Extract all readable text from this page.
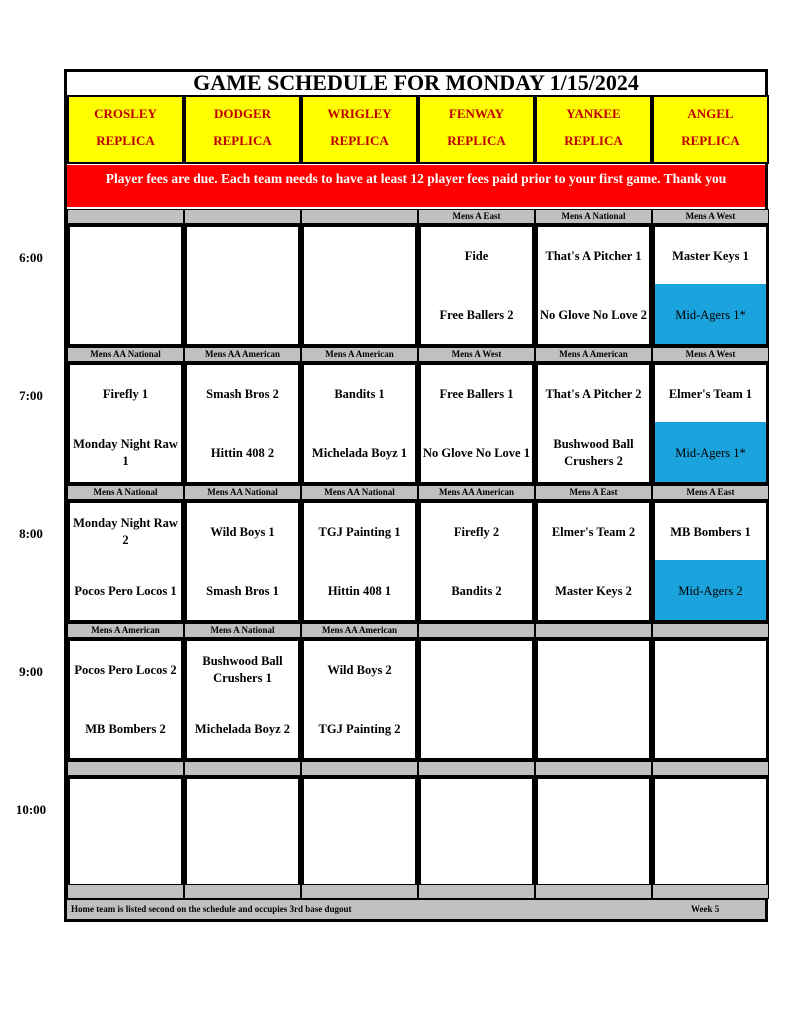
GAME SCHEDULE FOR MONDAY 1/15/2024
CROSLEY
REPLICA
DODGER
REPLICA
WRIGLEY
REPLICA
FENWAY
REPLICA
YANKEE
REPLICA
ANGEL
REPLICA
Player fees are due. Each team needs to have at least 12 player fees paid prior to your first game. Thank you
6:00
Mens A East
Fide
Free Ballers 2
Mens A National
That's A Pitcher 1
No Glove No Love 2
Mens A West
Master Keys 1
Mid-Agers 1*
7:00
Mens AA National
Firefly 1
Monday Night Raw 1
Mens AA American
Smash Bros 2
Hittin 408 2
Mens A American
Bandits 1
Michelada Boyz 1
Mens A West
Free Ballers 1
No Glove No Love 1
Mens A American
That's A Pitcher 2
Bushwood Ball Crushers 2
Mens A West
Elmer's Team 1
Mid-Agers 1*
8:00
Mens A National
Monday Night Raw 2
Pocos Pero Locos 1
Mens AA National
Wild Boys 1
Smash Bros 1
Mens AA National
TGJ Painting 1
Hittin 408 1
Mens AA American
Firefly 2
Bandits 2
Mens A East
Elmer's Team 2
Master Keys 2
Mens A East
MB Bombers 1
Mid-Agers 2
9:00
Mens A American
Pocos Pero Locos 2
MB Bombers 2
Mens A National
Bushwood Ball Crushers 1
Michelada Boyz 2
Mens AA American
Wild Boys 2
TGJ Painting 2
10:00
Home team is listed second on the schedule and occupies 3rd base dugout	Week 5
